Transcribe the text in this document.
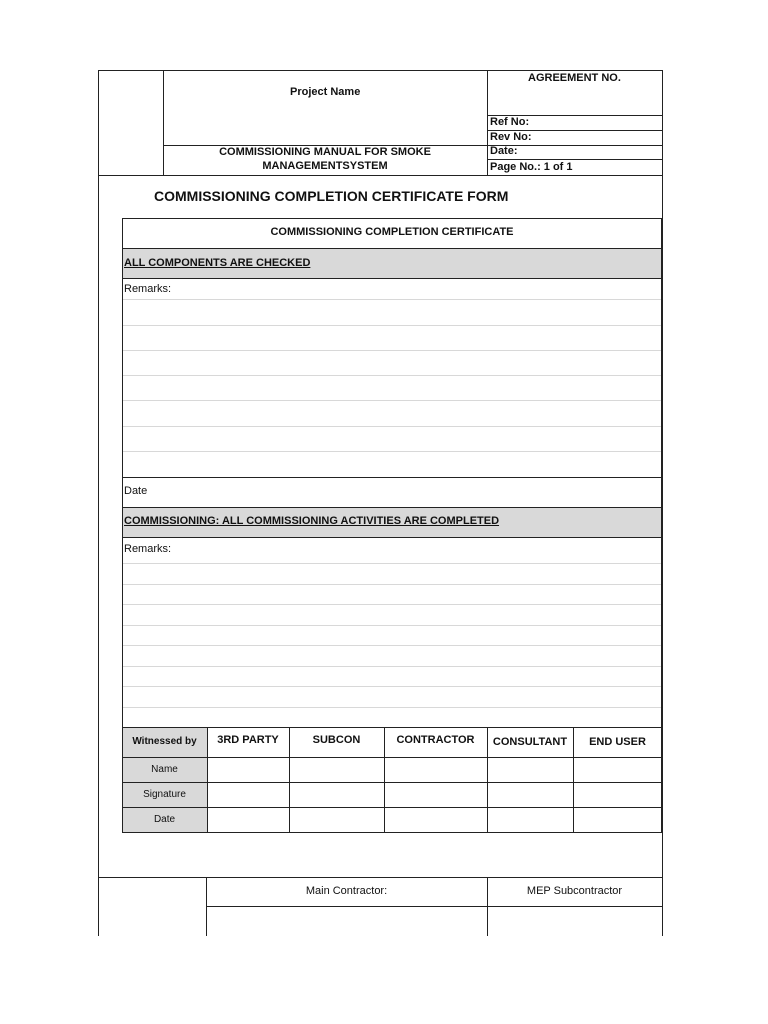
Project Name
AGREEMENT NO.
Ref No:
Rev No:
Date:
Page No.: 1 of 1
COMMISSIONING MANUAL FOR SMOKE
MANAGEMENTSYSTEM
COMMISSIONING COMPLETION CERTIFICATE FORM
COMMISSIONING COMPLETION CERTIFICATE
ALL COMPONENTS ARE CHECKED
Remarks:
Date
COMMISSIONING: ALL COMMISSIONING ACTIVITIES ARE COMPLETED
Remarks:
Witnessed by	3RD PARTY	SUBCON	CONTRACTOR	CONSULTANT	END USER
Name
Signature
Date
Main Contractor:	MEP Subcontractor
